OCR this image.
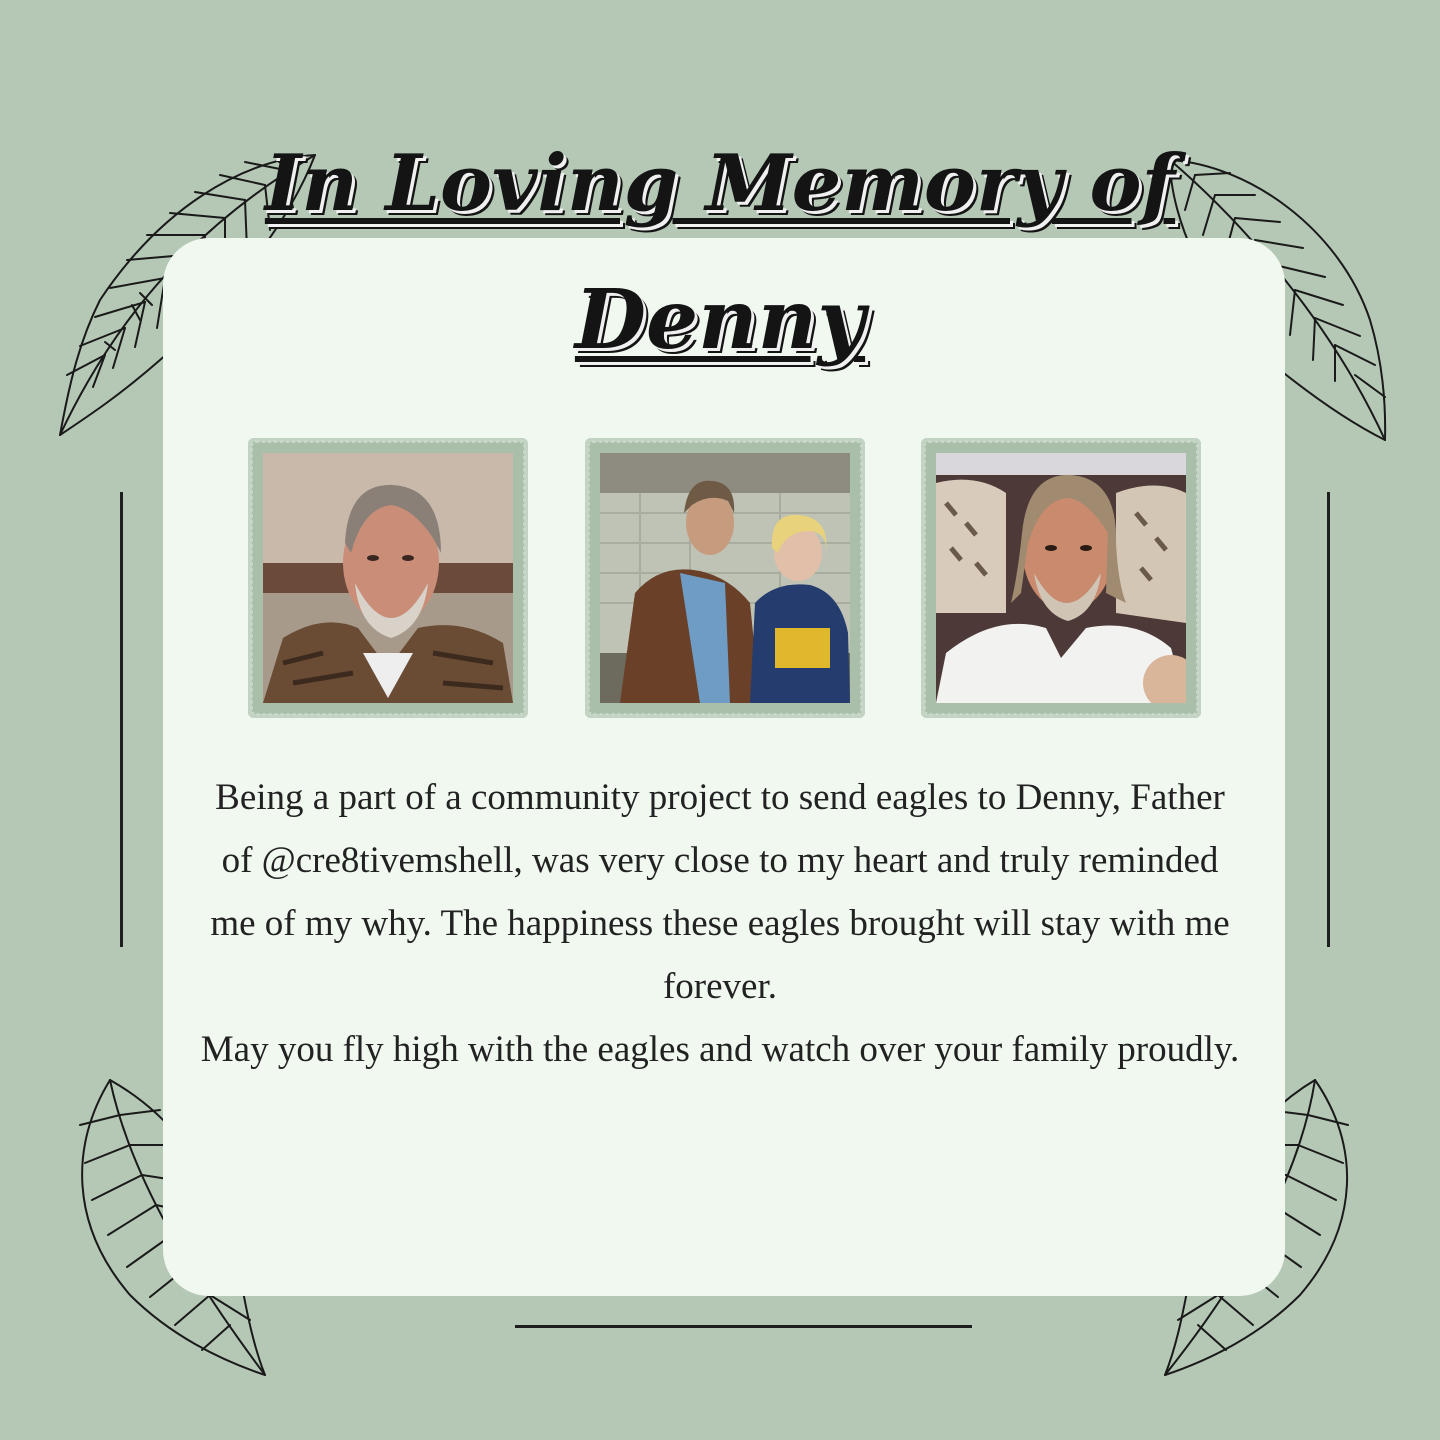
In Loving Memory of
Denny

Being a part of a community project to send eagles to Denny, Father of @cre8tivemshell, was very close to my heart and truly reminded me of my why. The happiness these eagles brought will stay with me forever.

May you fly high with the eagles and watch over your family proudly.
